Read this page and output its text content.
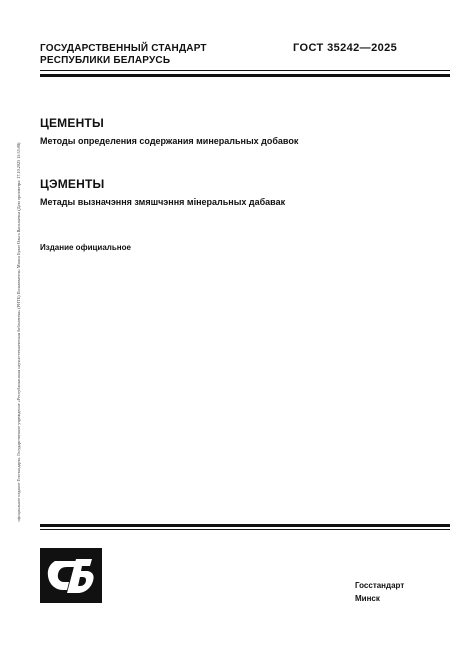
официальное издание Госстандарта. Государственное учреждение «Республиканская научно-техническая библиотека» (РНТБ) Пользователь: Минск Булат Ольга Васильевна (Дата просмотра: 17.10.2025 15:35:08)
ГОСУДАРСТВЕННЫЙ СТАНДАРТ
РЕСПУБЛИКИ БЕЛАРУСЬ
ГОСТ 35242—2025
ЦЕМЕНТЫ
Методы определения содержания минеральных добавок
ЦЭМЕНТЫ
Метады вызначэння змяшчэння мінеральных дабавак
Издание официальное
Госстандарт
Минск
